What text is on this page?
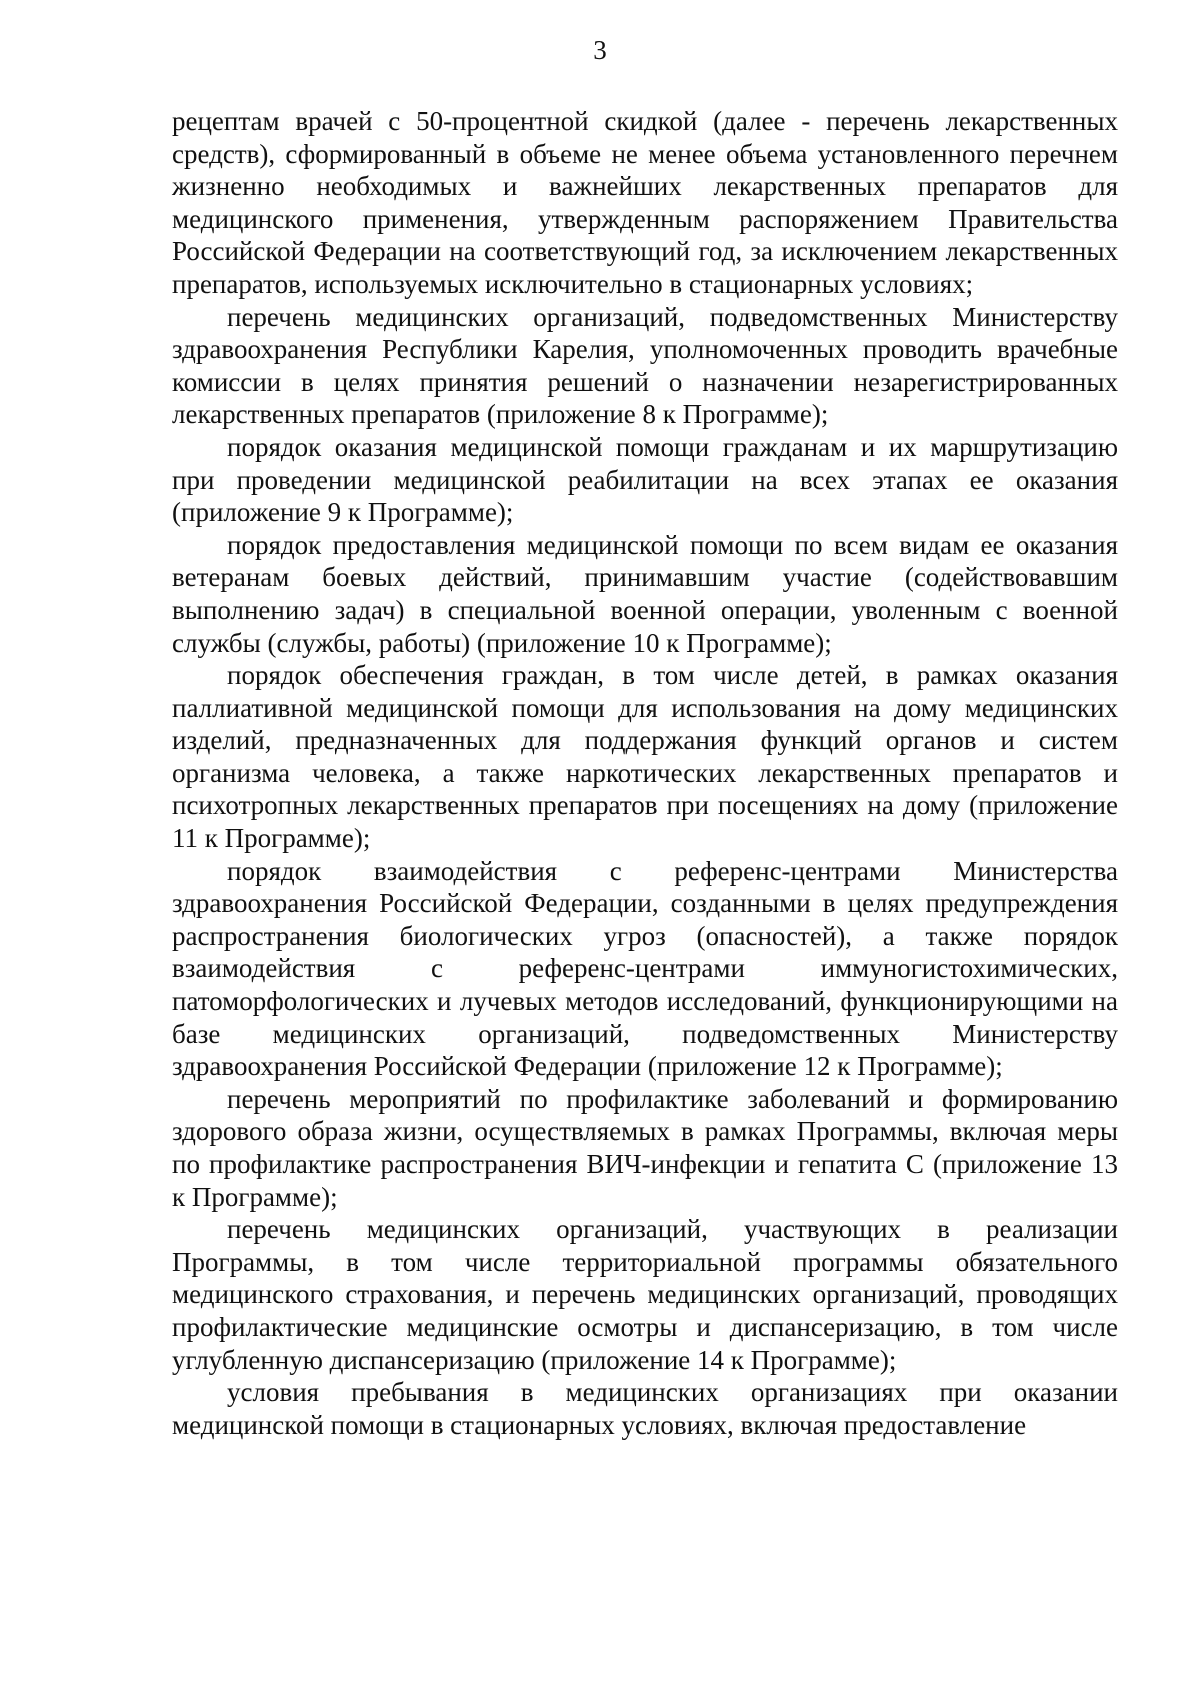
3

рецептам врачей с 50-процентной скидкой (далее - перечень лекарственных средств), сформированный в объеме не менее объема установленного перечнем жизненно необходимых и важнейших лекарственных препаратов для медицинского применения, утвержденным распоряжением Правительства Российской Федерации на соответствующий год, за исключением лекарственных препаратов, используемых исключительно в стационарных условиях;

перечень медицинских организаций, подведомственных Министерству здравоохранения Республики Карелия, уполномоченных проводить врачебные комиссии в целях принятия решений о назначении незарегистрированных лекарственных препаратов (приложение 8 к Программе);

порядок оказания медицинской помощи гражданам и их маршрутизацию при проведении медицинской реабилитации на всех этапах ее оказания (приложение 9 к Программе);

порядок предоставления медицинской помощи по всем видам ее оказания ветеранам боевых действий, принимавшим участие (содействовавшим выполнению задач) в специальной военной операции, уволенным с военной службы (службы, работы) (приложение 10 к Программе);

порядок обеспечения граждан, в том числе детей, в рамках оказания паллиативной медицинской помощи для использования на дому медицинских изделий, предназначенных для поддержания функций органов и систем организма человека, а также наркотических лекарственных препаратов и психотропных лекарственных препаратов при посещениях на дому (приложение 11 к Программе);

порядок взаимодействия с референс-центрами Министерства здравоохранения Российской Федерации, созданными в целях предупреждения распространения биологических угроз (опасностей), а также порядок взаимодействия с референс-центрами иммуногистохимических, патоморфологических и лучевых методов исследований, функционирующими на базе медицинских организаций, подведомственных Министерству здравоохранения Российской Федерации (приложение 12 к Программе);

перечень мероприятий по профилактике заболеваний и формированию здорового образа жизни, осуществляемых в рамках Программы, включая меры по профилактике распространения ВИЧ-инфекции и гепатита С (приложение 13 к Программе);

перечень медицинских организаций, участвующих в реализации Программы, в том числе территориальной программы обязательного медицинского страхования, и перечень медицинских организаций, проводящих профилактические медицинские осмотры и диспансеризацию, в том числе углубленную диспансеризацию (приложение 14 к Программе);

условия пребывания в медицинских организациях при оказании медицинской помощи в стационарных условиях, включая предоставление
